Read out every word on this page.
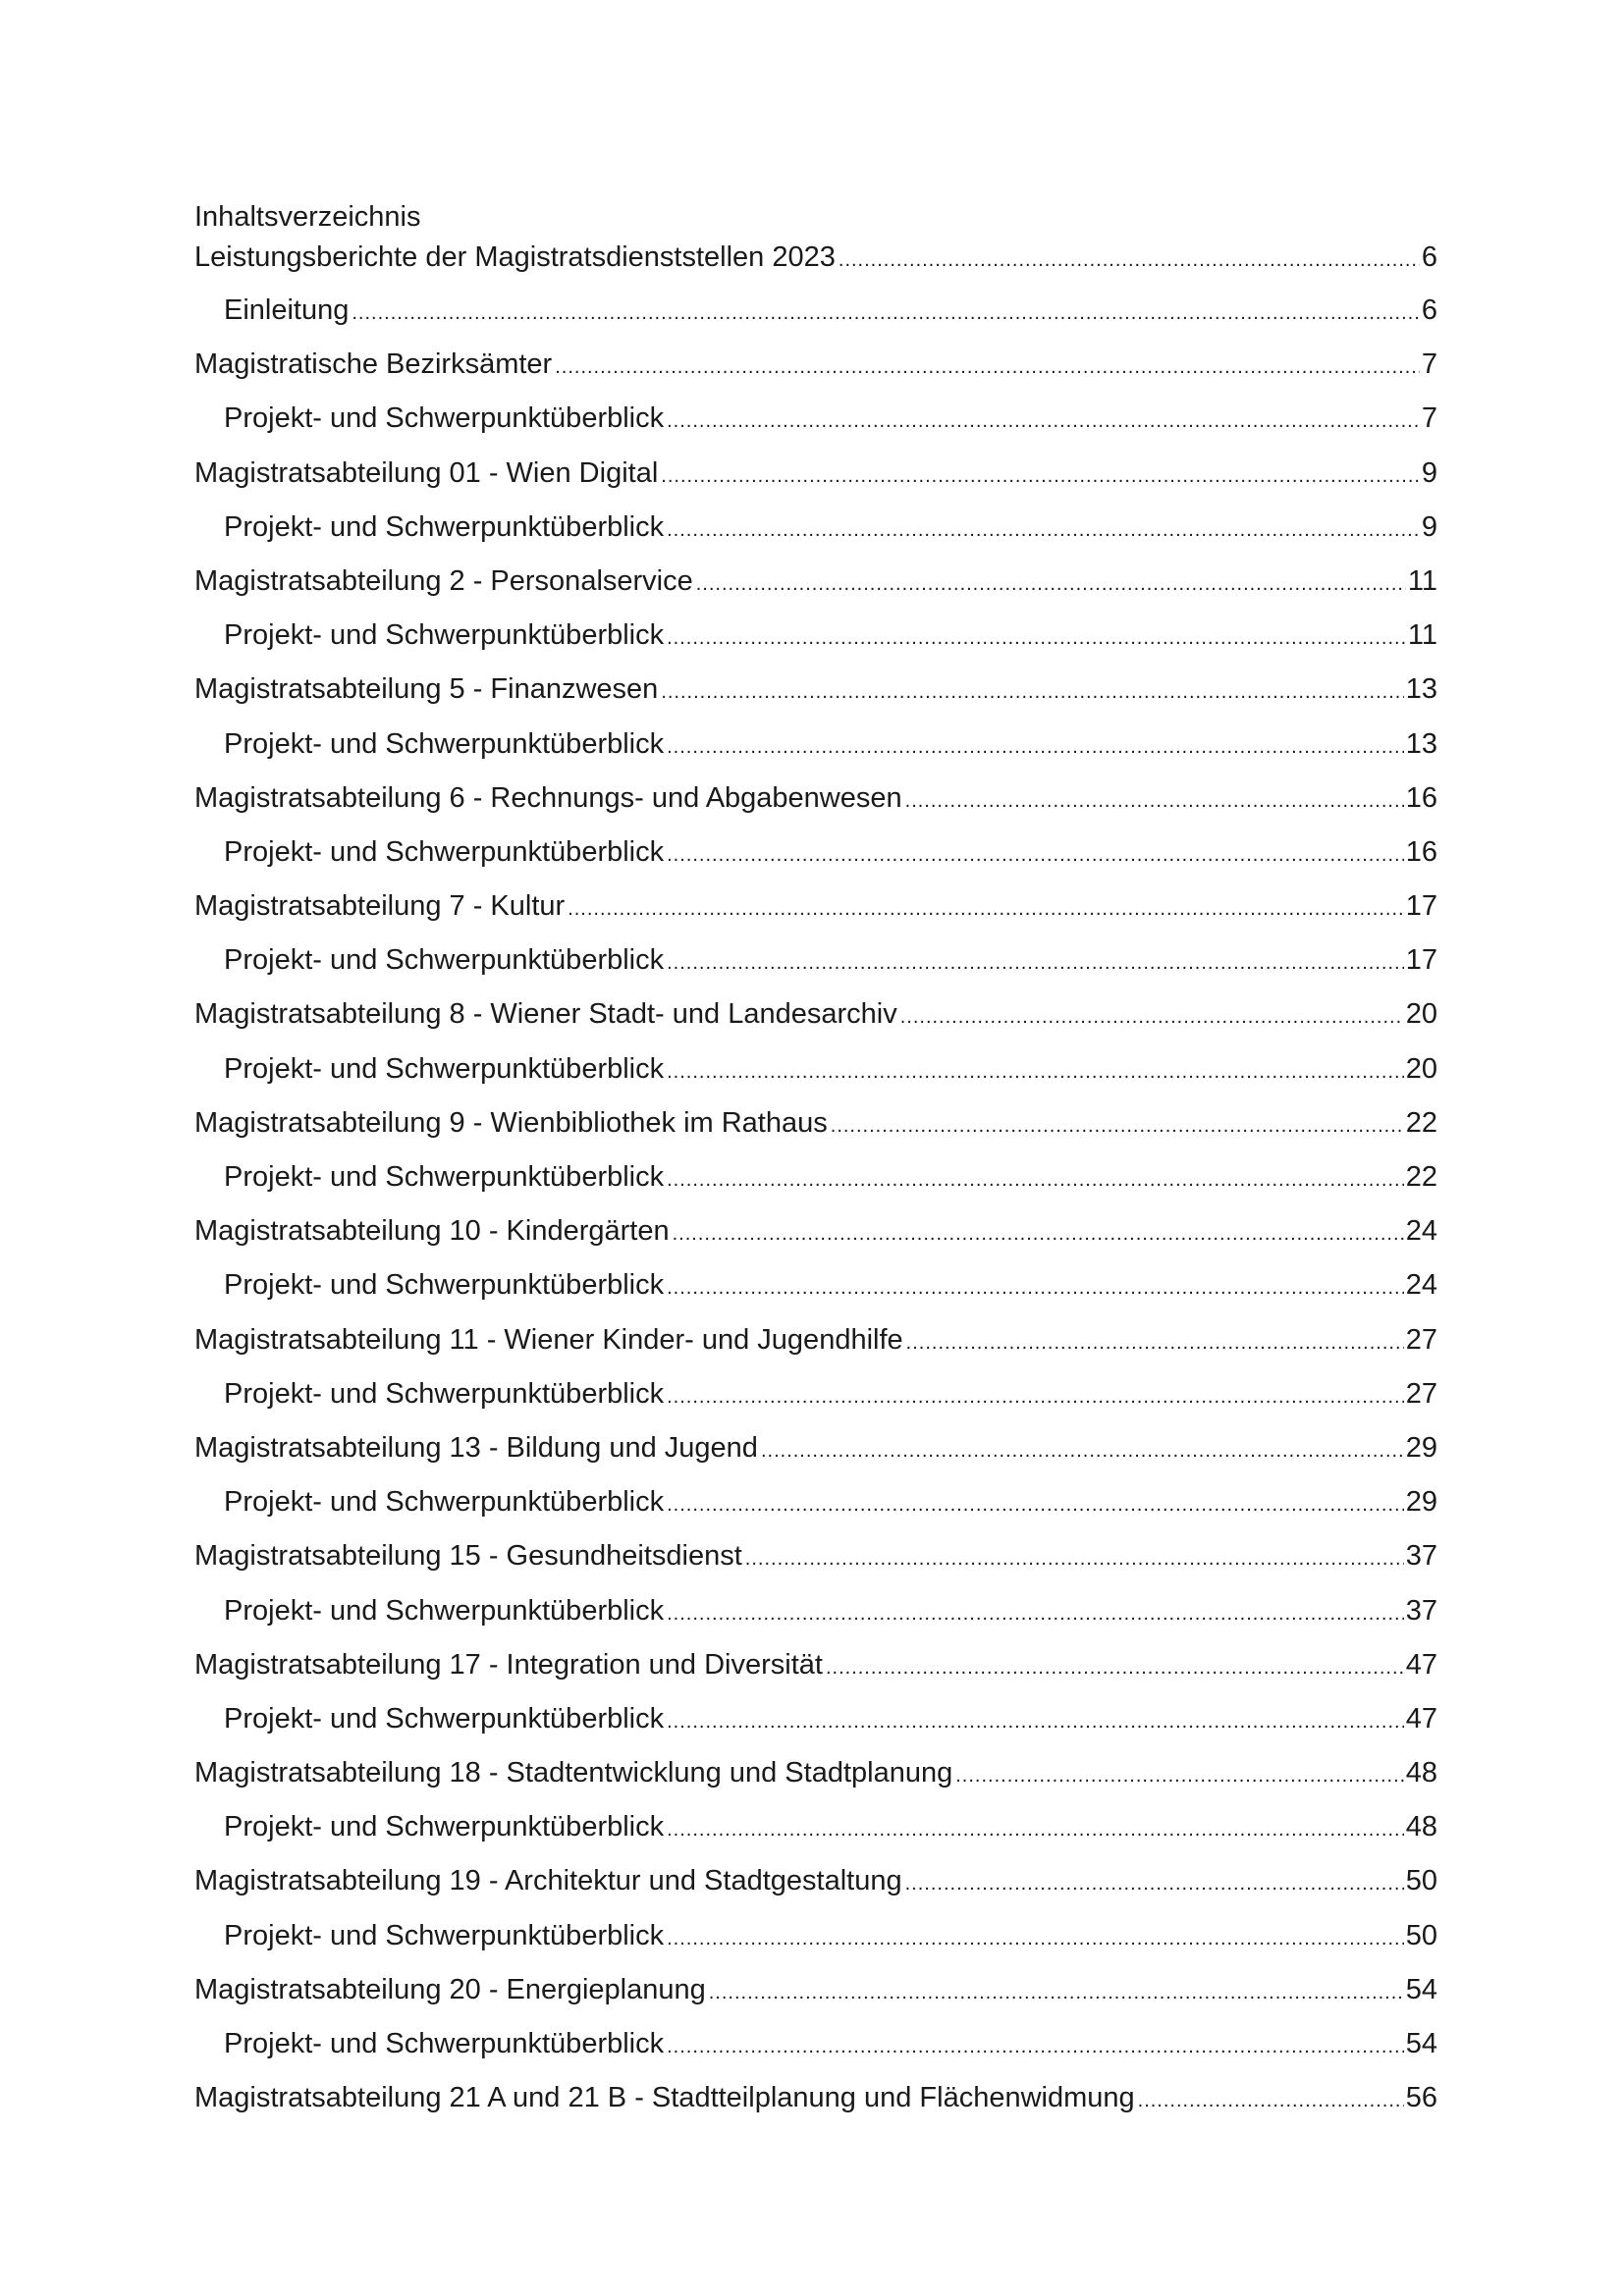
Inhaltsverzeichnis
Leistungsberichte der Magistratsdienststellen 2023 .....	6
Einleitung .....	6
Magistratische Bezirksämter .....	7
Projekt- und Schwerpunktüberblick .....	7
Magistratsabteilung 01 - Wien Digital .....	9
Projekt- und Schwerpunktüberblick .....	9
Magistratsabteilung 2 - Personalservice .....	11
Projekt- und Schwerpunktüberblick .....	11
Magistratsabteilung 5 - Finanzwesen .....	13
Projekt- und Schwerpunktüberblick .....	13
Magistratsabteilung 6 - Rechnungs- und Abgabenwesen .....	16
Projekt- und Schwerpunktüberblick .....	16
Magistratsabteilung 7 - Kultur .....	17
Projekt- und Schwerpunktüberblick .....	17
Magistratsabteilung 8 - Wiener Stadt- und Landesarchiv .....	20
Projekt- und Schwerpunktüberblick .....	20
Magistratsabteilung 9 - Wienbibliothek im Rathaus .....	22
Projekt- und Schwerpunktüberblick .....	22
Magistratsabteilung 10 - Kindergärten .....	24
Projekt- und Schwerpunktüberblick .....	24
Magistratsabteilung 11 - Wiener Kinder- und Jugendhilfe .....	27
Projekt- und Schwerpunktüberblick .....	27
Magistratsabteilung 13 - Bildung und Jugend .....	29
Projekt- und Schwerpunktüberblick .....	29
Magistratsabteilung 15 - Gesundheitsdienst .....	37
Projekt- und Schwerpunktüberblick .....	37
Magistratsabteilung 17 - Integration und Diversität .....	47
Projekt- und Schwerpunktüberblick .....	47
Magistratsabteilung 18 - Stadtentwicklung und Stadtplanung .....	48
Projekt- und Schwerpunktüberblick .....	48
Magistratsabteilung 19 - Architektur und Stadtgestaltung .....	50
Projekt- und Schwerpunktüberblick .....	50
Magistratsabteilung 20 - Energieplanung .....	54
Projekt- und Schwerpunktüberblick .....	54
Magistratsabteilung 21 A und 21 B - Stadtteilplanung und Flächenwidmung .....	56
